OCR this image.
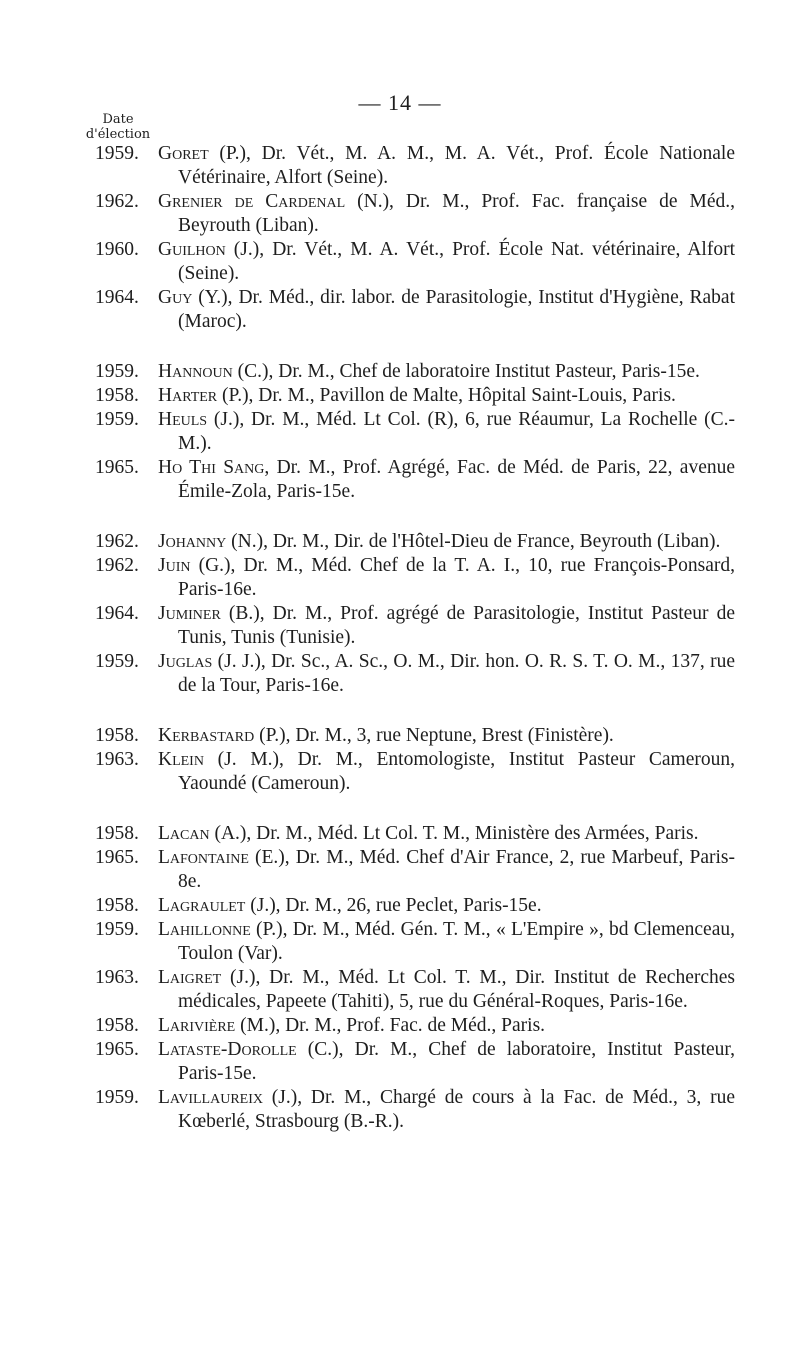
— 14 —
Date
d'élection
1959. Goret (P.), Dr. Vét., M. A. M., M. A. Vét., Prof. École Nationale Vétérinaire, Alfort (Seine).
1962. Grenier de Cardenal (N.), Dr. M., Prof. Fac. française de Méd., Beyrouth (Liban).
1960. Guilhon (J.), Dr. Vét., M. A. Vét., Prof. École Nat. vétérinaire, Alfort (Seine).
1964. Guy (Y.), Dr. Méd., dir. labor. de Parasitologie, Institut d'Hygiène, Rabat (Maroc).
1959. Hannoun (C.), Dr. M., Chef de laboratoire Institut Pasteur, Paris-15e.
1958. Harter (P.), Dr. M., Pavillon de Malte, Hôpital Saint-Louis, Paris.
1959. Heuls (J.), Dr. M., Méd. Lt Col. (R), 6, rue Réaumur, La Rochelle (C.-M.).
1965. Ho Thi Sang, Dr. M., Prof. Agrégé, Fac. de Méd. de Paris, 22, avenue Émile-Zola, Paris-15e.
1962. Johanny (N.), Dr. M., Dir. de l'Hôtel-Dieu de France, Beyrouth (Liban).
1962. Juin (G.), Dr. M., Méd. Chef de la T. A. I., 10, rue François-Ponsard, Paris-16e.
1964. Juminer (B.), Dr. M., Prof. agrégé de Parasitologie, Institut Pasteur de Tunis, Tunis (Tunisie).
1959. Juglas (J. J.), Dr. Sc., A. Sc., O. M., Dir. hon. O. R. S. T. O. M., 137, rue de la Tour, Paris-16e.
1958. Kerbastard (P.), Dr. M., 3, rue Neptune, Brest (Finistère).
1963. Klein (J. M.), Dr. M., Entomologiste, Institut Pasteur Cameroun, Yaoundé (Cameroun).
1958. Lacan (A.), Dr. M., Méd. Lt Col. T. M., Ministère des Armées, Paris.
1965. Lafontaine (E.), Dr. M., Méd. Chef d'Air France, 2, rue Marbeuf, Paris-8e.
1958. Lagraulet (J.), Dr. M., 26, rue Peclet, Paris-15e.
1959. Lahillonne (P.), Dr. M., Méd. Gén. T. M., « L'Empire », bd Clemenceau, Toulon (Var).
1963. Laigret (J.), Dr. M., Méd. Lt Col. T. M., Dir. Institut de Recherches médicales, Papeete (Tahiti), 5, rue du Général-Roques, Paris-16e.
1958. Larivière (M.), Dr. M., Prof. Fac. de Méd., Paris.
1965. Lataste-Dorolle (C.), Dr. M., Chef de laboratoire, Institut Pasteur, Paris-15e.
1959. Lavillaureix (J.), Dr. M., Chargé de cours à la Fac. de Méd., 3, rue Kœberlé, Strasbourg (B.-R.).
